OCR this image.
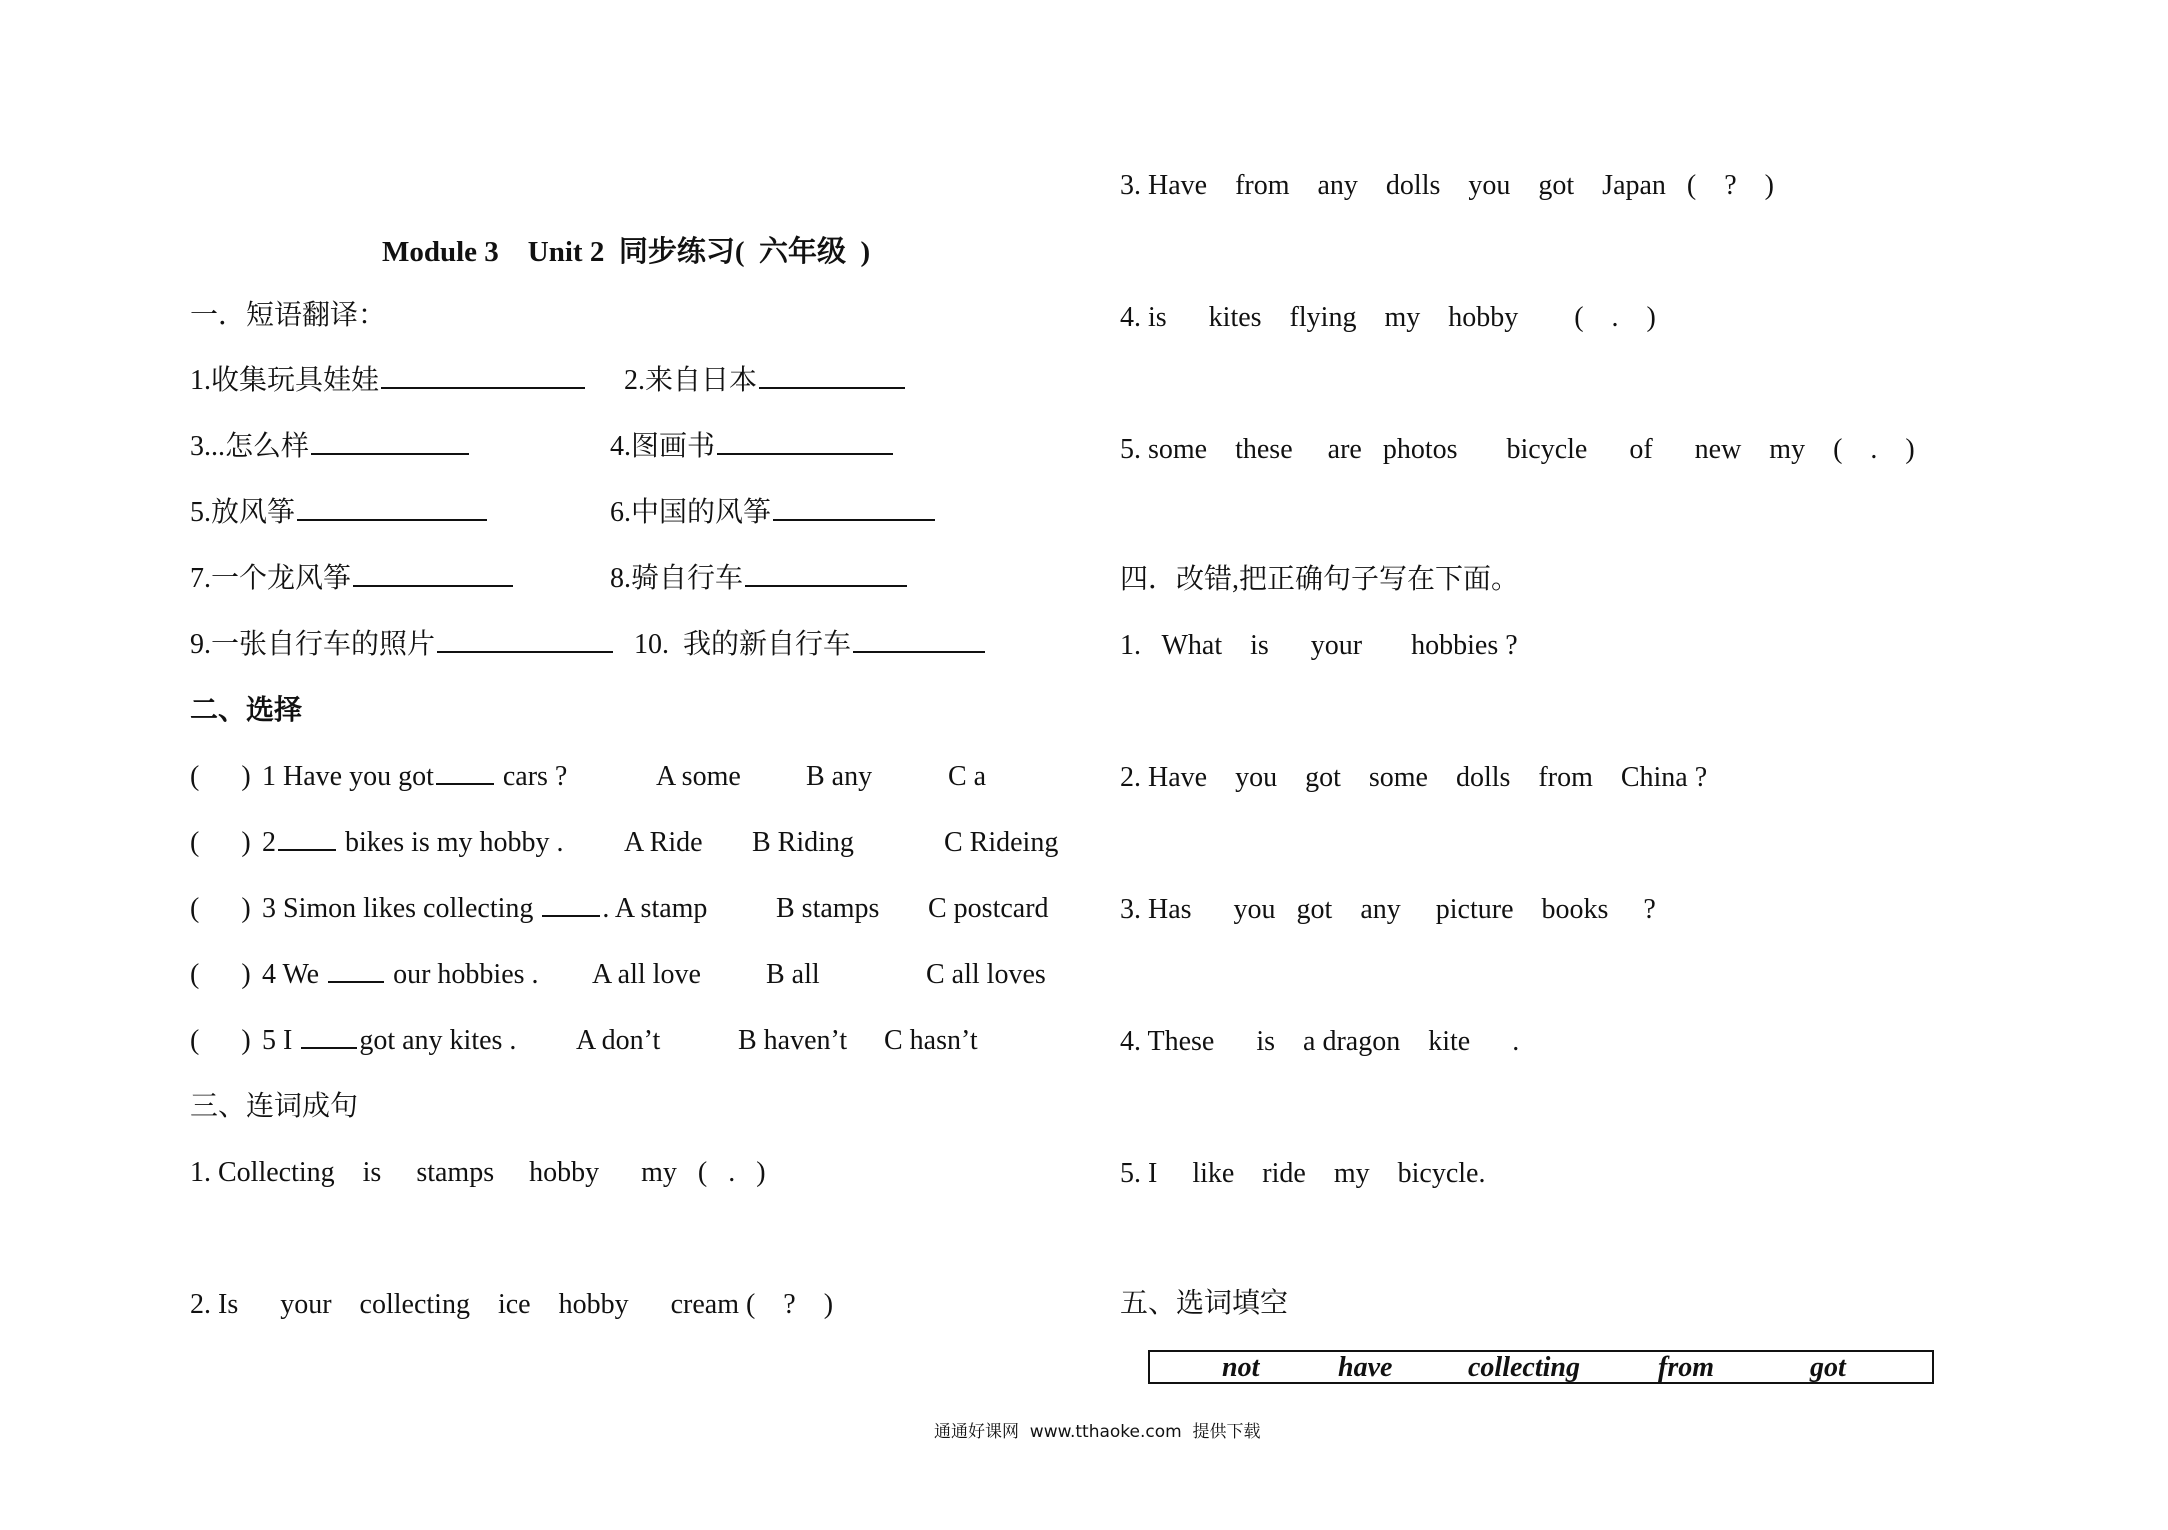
Module 3　Unit 2  同步练习(  六年级  )
一．短语翻译：
1.收集玩具娃娃	2.来自日本
3...怎么样	4.图画书
5.放风筝	6.中国的风筝
7.一个龙风筝	8.骑自行车
9.一张自行车的照片	10.  我的新自行车
二、选择
(      ) 1 Have you got cars ?	A some B any	C a
(      ) 2 bikes is my hobby . A Ride B Riding	C Rideing
(      ) 3 Simon likes collecting . A stamp B stamps C postcard
(      ) 4 We	our hobbies . A all love B all	C all loves
(      ) 5 I got any kites . A don’t	B haven’t C hasn’t
三、连词成句
1. Collecting    is     stamps     hobby      my   (   .   )
2. Is      your    collecting    ice    hobby      cream (    ?    )
3. Have    from    any    dolls    you    got    Japan   (    ?    )
4. is      kites    flying    my    hobby        (    .    )
5. some    these     are   photos       bicycle      of      new    my    (    .    )
四．改错,把正确句子写在下面。
1.   What    is      your       hobbies ?
2. Have    you    got    some    dolls    from    China ?
3. Has      you   got    any     picture    books     ?
4. These      is    a dragon    kite      .
5. I     like    ride    my    bicycle.
五、选词填空
not	have	collecting	from	got
通通好课网  www.tthaoke.com  提供下载
